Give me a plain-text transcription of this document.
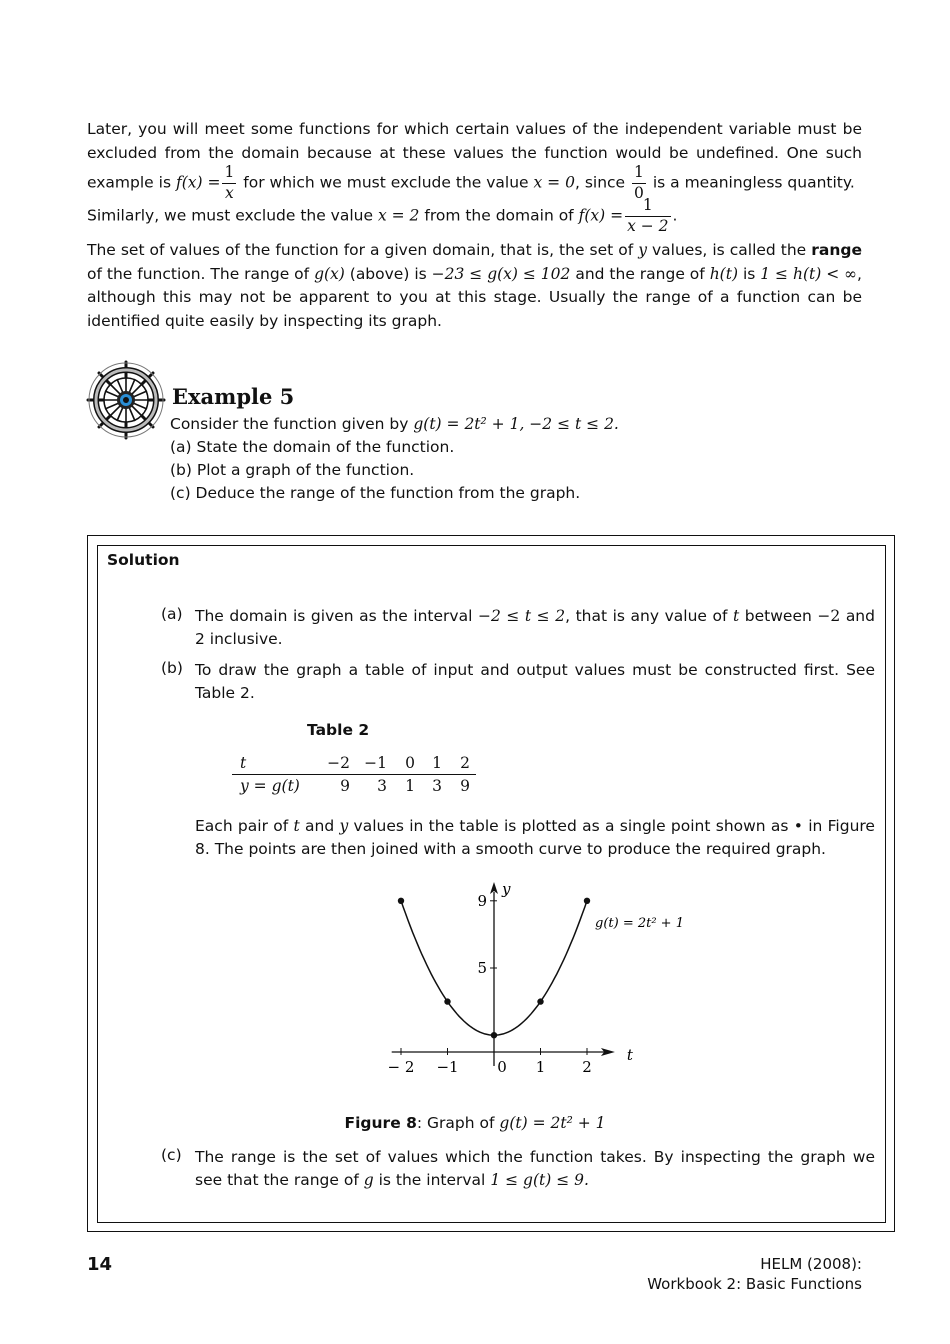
Later, you will meet some functions for which certain values of the independent variable must be excluded from the domain because at these values the function would be undefined. One such example is $f(x) = \frac{1}{x}$ for which we must exclude the value x = 0, since $\frac{1}{0}$ is a meaningless quantity.
Similarly, we must exclude the value x = 2 from the domain of $f(x) = \frac{1}{x - 2}$ .
The set of values of the function for a given domain, that is, the set of y values, is called the range of the function. The range of g(x) (above) is −23 ≤ g(x) ≤ 102 and the range of h(t) is 1 ≤ h(t) < ∞, although this may not be apparent to you at this stage. Usually the range of a function can be identified quite easily by inspecting its graph.
Example 5
Consider the function given by g(t) = 2t² + 1, −2 ≤ t ≤ 2.
(a) State the domain of the function.
(b) Plot a graph of the function.
(c) Deduce the range of the function from the graph.
Solution
(a) The domain is given as the interval −2 ≤ t ≤ 2, that is any value of t between −2 and 2 inclusive.
(b) To draw the graph a table of input and output values must be constructed first. See Table 2.
Table 2
t	−2	−1	0	1	2
y = g(t)	9	3	1	3	9
Each pair of t and y values in the table is plotted as a single point shown as • in Figure 8. The points are then joined with a smooth curve to produce the required graph.
− 2 −1	0 1 2
5
9
t
y
g(t) = 2t² + 1
Figure 8: Graph of g(t) = 2t² + 1
(c) The range is the set of values which the function takes. By inspecting the graph we see that the range of g is the interval 1 ≤ g(t) ≤ 9.
14	HELM (2008):
Workbook 2: Basic Functions
